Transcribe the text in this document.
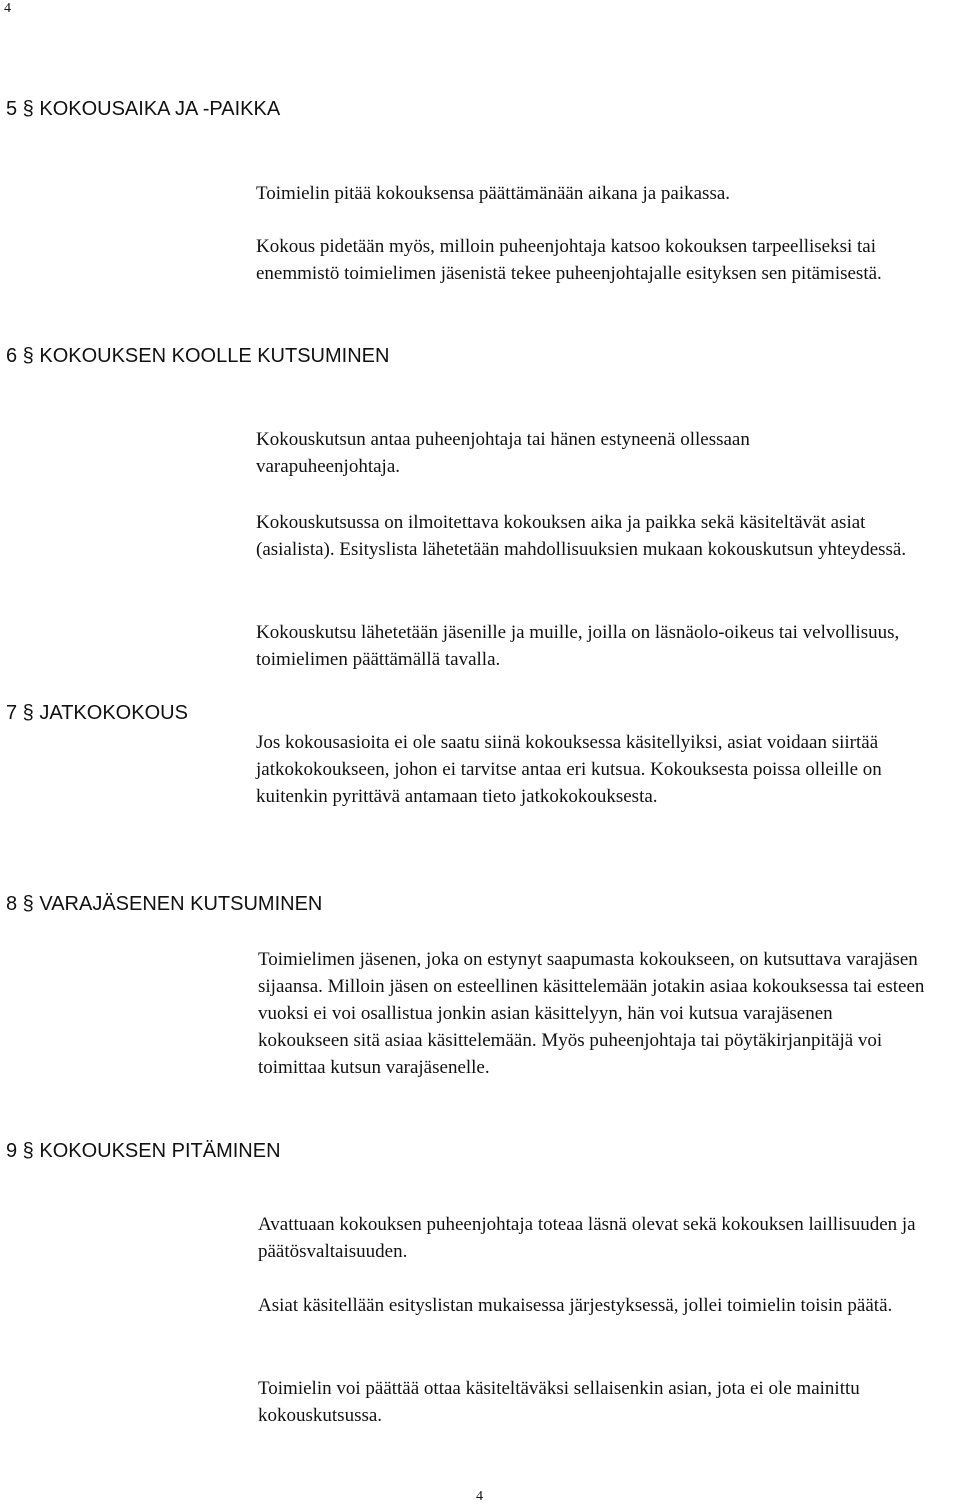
4
5 § KOKOUSAIKA JA -PAIKKA

Toimielin pitää kokouksensa päättämänään aikana ja paikassa.

Kokous pidetään myös, milloin puheenjohtaja katsoo kokouksen tarpeelliseksi tai enemmistö toimielimen jäsenistä tekee puheenjohtajalle esityksen sen pitämisestä.

6 § KOKOUKSEN KOOLLE KUTSUMINEN

Kokouskutsun antaa puheenjohtaja tai hänen estyneenä ollessaan varapuheenjohtaja.

Kokouskutsussa on ilmoitettava kokouksen aika ja paikka sekä käsiteltävät asiat (asialista). Esityslista lähetetään mahdollisuuksien mukaan kokouskutsun yhteydessä.

Kokouskutsu lähetetään jäsenille ja muille, joilla on läsnäolo-oikeus tai velvollisuus, toimielimen päättämällä tavalla.

7 § JATKOKOKOUS

Jos kokousasioita ei ole saatu siinä kokouksessa käsitellyiksi, asiat voidaan siirtää jatkokokoukseen, johon ei tarvitse antaa eri kutsua. Kokouksesta poissa olleille on kuitenkin pyrittävä antamaan tieto jatkokokouksesta.

8 § VARAJÄSENEN KUTSUMINEN

Toimielimen jäsenen, joka on estynyt saapumasta kokoukseen, on kutsuttava varajäsen sijaansa. Milloin jäsen on esteellinen käsittelemään jotakin asiaa kokouksessa tai esteen vuoksi ei voi osallistua jonkin asian käsittelyyn, hän voi kutsua varajäsenen kokoukseen sitä asiaa käsittelemään. Myös puheenjohtaja tai pöytäkirjanpitäjä voi toimittaa kutsun varajäsenelle.

9 § KOKOUKSEN PITÄMINEN

Avattuaan kokouksen puheenjohtaja toteaa läsnä olevat sekä kokouksen laillisuuden ja päätösvaltaisuuden.

Asiat käsitellään esityslistan mukaisessa järjestyksessä, jollei toimielin toisin päätä.

Toimielin voi päättää ottaa käsiteltäväksi sellaisenkin asian, jota ei ole mainittu kokouskutsussa.

4
